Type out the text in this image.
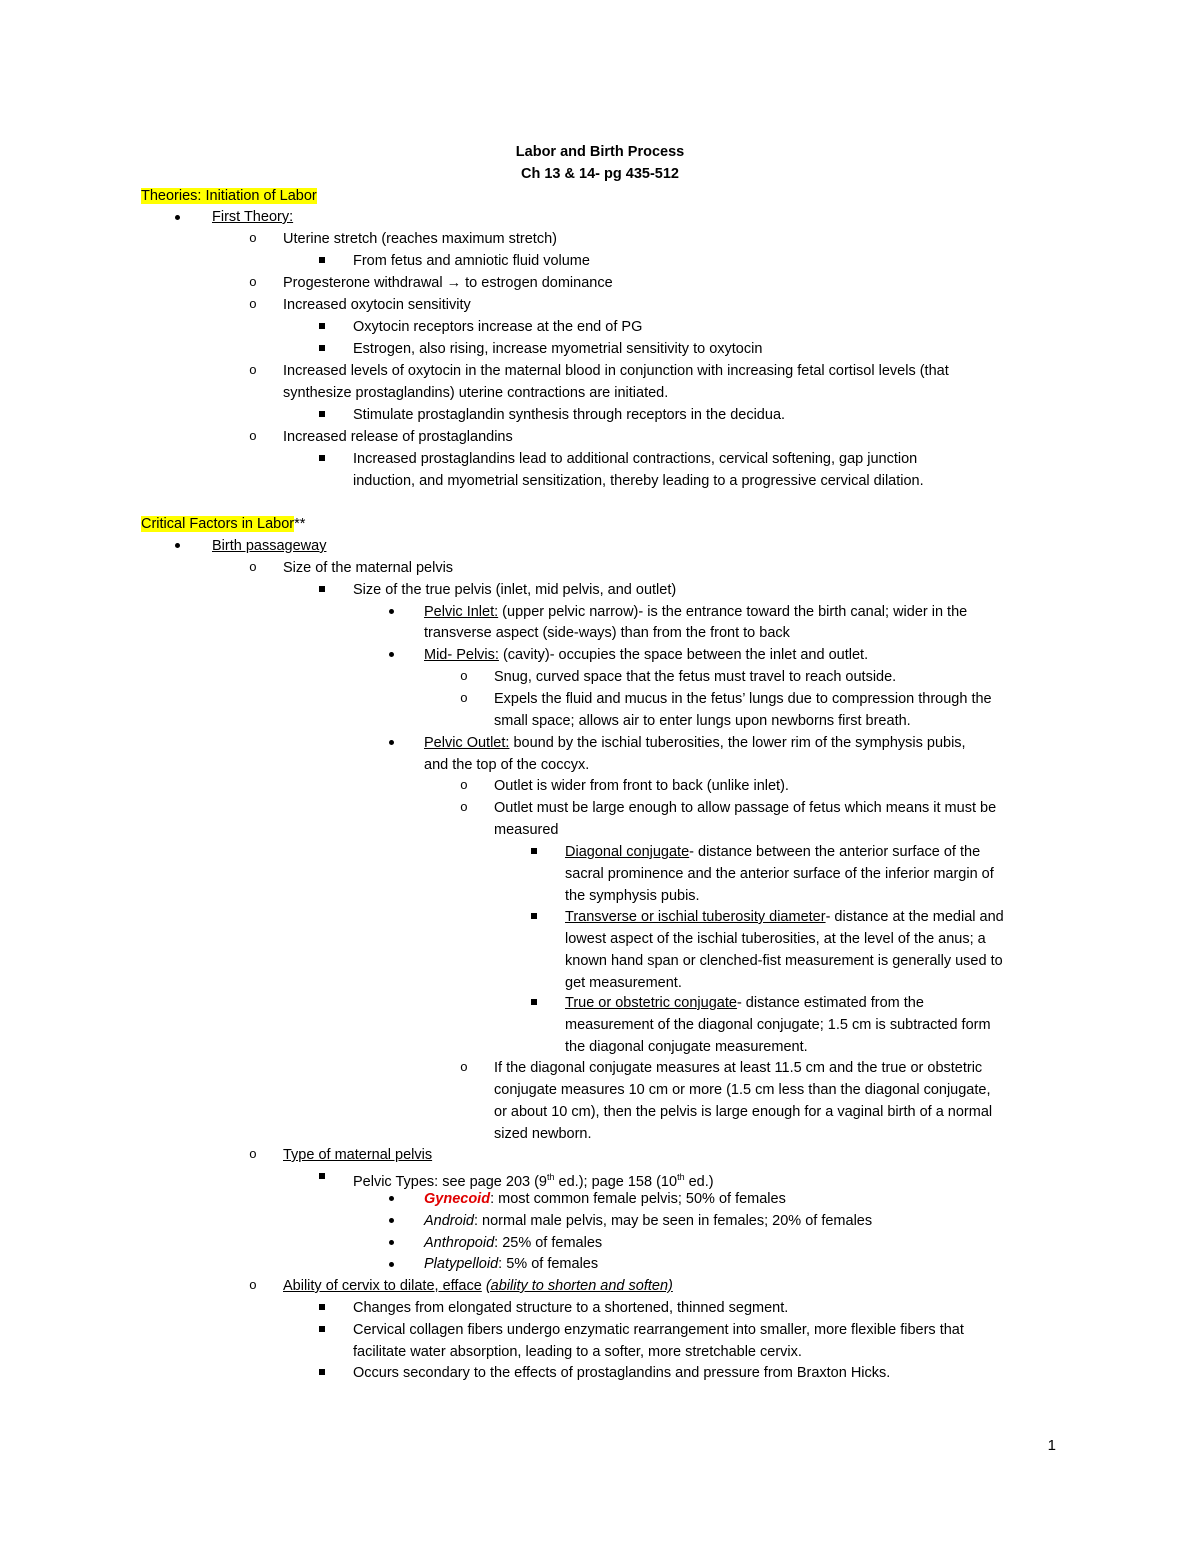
Labor and Birth Process
Ch 13 & 14- pg 435-512
Theories: Initiation of Labor
First Theory:
o Uterine stretch (reaches maximum stretch)
From fetus and amniotic fluid volume
o Progesterone withdrawal → to estrogen dominance
o Increased oxytocin sensitivity
Oxytocin receptors increase at the end of PG
Estrogen, also rising, increase myometrial sensitivity to oxytocin
o Increased levels of oxytocin in the maternal blood in conjunction with increasing fetal cortisol levels (that
synthesize prostaglandins) uterine contractions are initiated.
Stimulate prostaglandin synthesis through receptors in the decidua.
o Increased release of prostaglandins
Increased prostaglandins lead to additional contractions, cervical softening, gap junction
induction, and myometrial sensitization, thereby leading to a progressive cervical dilation.
Critical Factors in Labor**
Birth passageway
o Size of the maternal pelvis
Size of the true pelvis (inlet, mid pelvis, and outlet)
Pelvic Inlet: (upper pelvic narrow)- is the entrance toward the birth canal; wider in the
transverse aspect (side-ways) than from the front to back
Mid- Pelvis: (cavity)- occupies the space between the inlet and outlet.
o Snug, curved space that the fetus must travel to reach outside.
o Expels the fluid and mucus in the fetus’ lungs due to compression through the
small space; allows air to enter lungs upon newborns first breath.
Pelvic Outlet: bound by the ischial tuberosities, the lower rim of the symphysis pubis,
and the top of the coccyx.
o Outlet is wider from front to back (unlike inlet).
o Outlet must be large enough to allow passage of fetus which means it must be
measured
Diagonal conjugate- distance between the anterior surface of the
sacral prominence and the anterior surface of the inferior margin of
the symphysis pubis.
Transverse or ischial tuberosity diameter- distance at the medial and
lowest aspect of the ischial tuberosities, at the level of the anus; a
known hand span or clenched-fist measurement is generally used to
get measurement.
True or obstetric conjugate- distance estimated from the
measurement of the diagonal conjugate; 1.5 cm is subtracted form
the diagonal conjugate measurement.
o If the diagonal conjugate measures at least 11.5 cm and the true or obstetric
conjugate measures 10 cm or more (1.5 cm less than the diagonal conjugate,
or about 10 cm), then the pelvis is large enough for a vaginal birth of a normal
sized newborn.
o Type of maternal pelvis
Pelvic Types: see page 203 (9th ed.); page 158 (10th ed.)
Gynecoid: most common female pelvis; 50% of females
Android: normal male pelvis, may be seen in females; 20% of females
Anthropoid: 25% of females
Platypelloid: 5% of females
o Ability of cervix to dilate, efface (ability to shorten and soften)
Changes from elongated structure to a shortened, thinned segment.
Cervical collagen fibers undergo enzymatic rearrangement into smaller, more flexible fibers that
facilitate water absorption, leading to a softer, more stretchable cervix.
Occurs secondary to the effects of prostaglandins and pressure from Braxton Hicks.
1
